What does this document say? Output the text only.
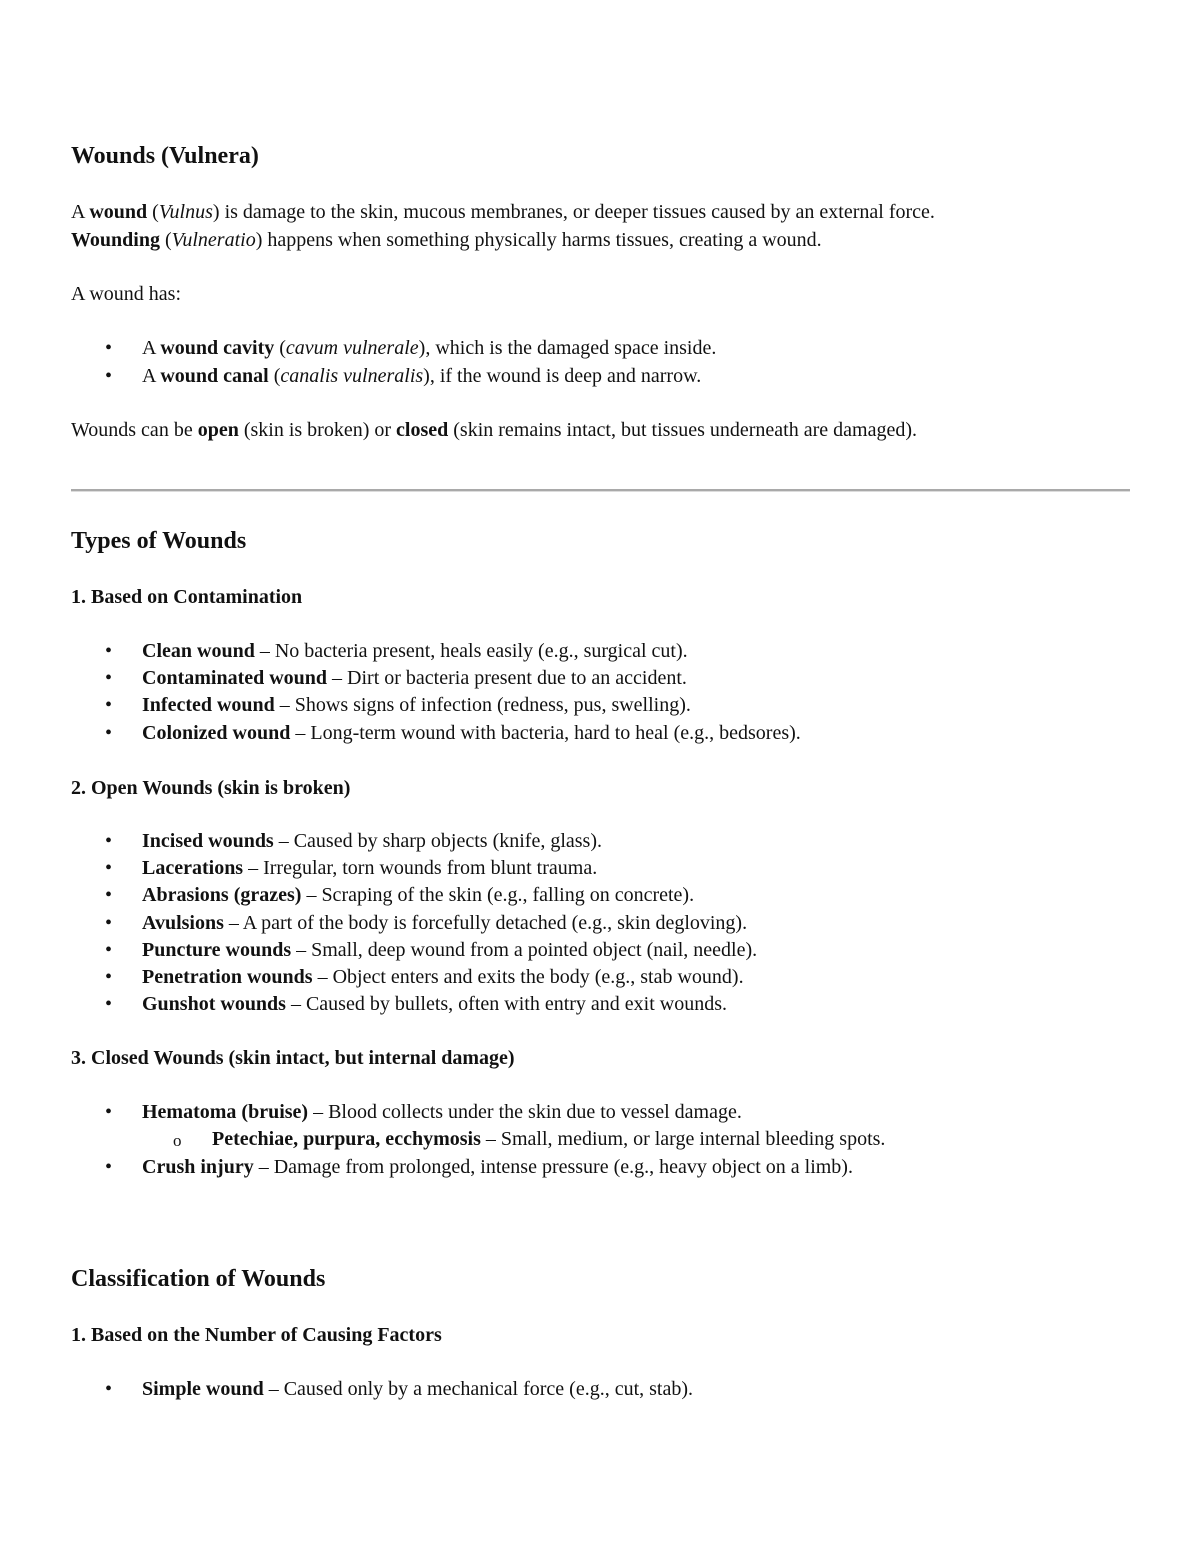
Wounds (Vulnera)

A wound (Vulnus) is damage to the skin, mucous membranes, or deeper tissues caused by an external force.

Wounding (Vulneratio) happens when something physically harms tissues, creating a wound.

A wound has:

• A wound cavity (cavum vulnerale), which is the damaged space inside.
• A wound canal (canalis vulneralis), if the wound is deep and narrow.

Wounds can be open (skin is broken) or closed (skin remains intact, but tissues underneath are damaged).

Types of Wounds
1. Based on Contamination
• Clean wound – No bacteria present, heals easily (e.g., surgical cut).
• Contaminated wound – Dirt or bacteria present due to an accident.
• Infected wound – Shows signs of infection (redness, pus, swelling).
• Colonized wound – Long-term wound with bacteria, hard to heal (e.g., bedsores).
2. Open Wounds (skin is broken)
• Incised wounds – Caused by sharp objects (knife, glass).
• Lacerations – Irregular, torn wounds from blunt trauma.
• Abrasions (grazes) – Scraping of the skin (e.g., falling on concrete).
• Avulsions – A part of the body is forcefully detached (e.g., skin degloving).
• Puncture wounds – Small, deep wound from a pointed object (nail, needle).
• Penetration wounds – Object enters and exits the body (e.g., stab wound).
• Gunshot wounds – Caused by bullets, often with entry and exit wounds.
3. Closed Wounds (skin intact, but internal damage)
• Hematoma (bruise) – Blood collects under the skin due to vessel damage.
o Petechiae, purpura, ecchymosis – Small, medium, or large internal bleeding spots.
• Crush injury – Damage from prolonged, intense pressure (e.g., heavy object on a limb).
Classification of Wounds
1. Based on the Number of Causing Factors
• Simple wound – Caused only by a mechanical force (e.g., cut, stab).
